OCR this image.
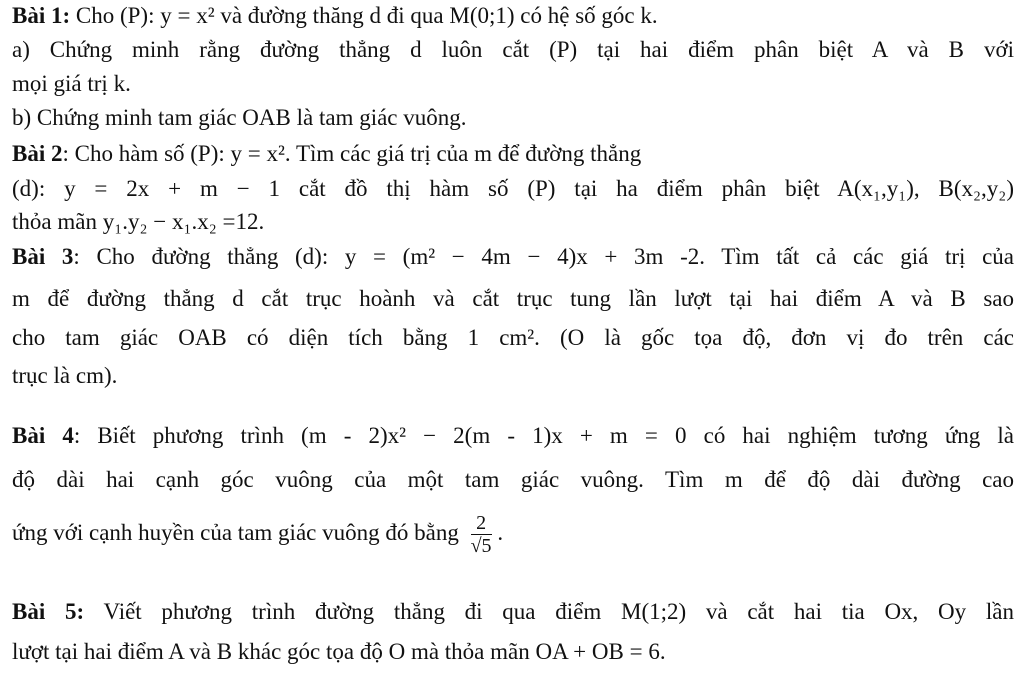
Bài 1: Cho (P): y = x² và đường thăng d đi qua M(0;1) có hệ số góc k.
a) Chứng minh rằng đường thẳng d luôn cắt (P) tại hai điểm phân biệt A và B với
mọi giá trị k.
b) Chứng minh tam giác OAB là tam giác vuông.
Bài 2: Cho hàm số (P): y = x². Tìm các giá trị của m để đường thẳng
(d): y = 2x + m − 1 cắt đồ thị hàm số (P) tại ha điểm phân biệt A(x₁,y₁), B(x₂,y₂)
thỏa mãn y₁.y₂ − x₁.x₂ =12.
Bài 3: Cho đường thẳng (d): y = (m² − 4m − 4)x + 3m -2. Tìm tất cả các giá trị của
m để đường thẳng d cắt trục hoành và cắt trục tung lần lượt tại hai điểm A và B sao
cho tam giác OAB có diện tích bằng 1 cm². (O là gốc tọa độ, đơn vị đo trên các
trục là cm).
Bài 4: Biết phương trình (m - 2)x² − 2(m - 1)x + m = 0 có hai nghiệm tương ứng là
độ dài hai cạnh góc vuông của một tam giác vuông. Tìm m để độ dài đường cao
ứng với cạnh huyền của tam giác vuông đó bằng $\frac{2}{√5}$ .
Bài 5: Viết phương trình đường thẳng đi qua điểm M(1;2) và cắt hai tia Ox, Oy lần
lượt tại hai điểm A và B khác góc tọa độ O mà thỏa mãn OA + OB = 6.
